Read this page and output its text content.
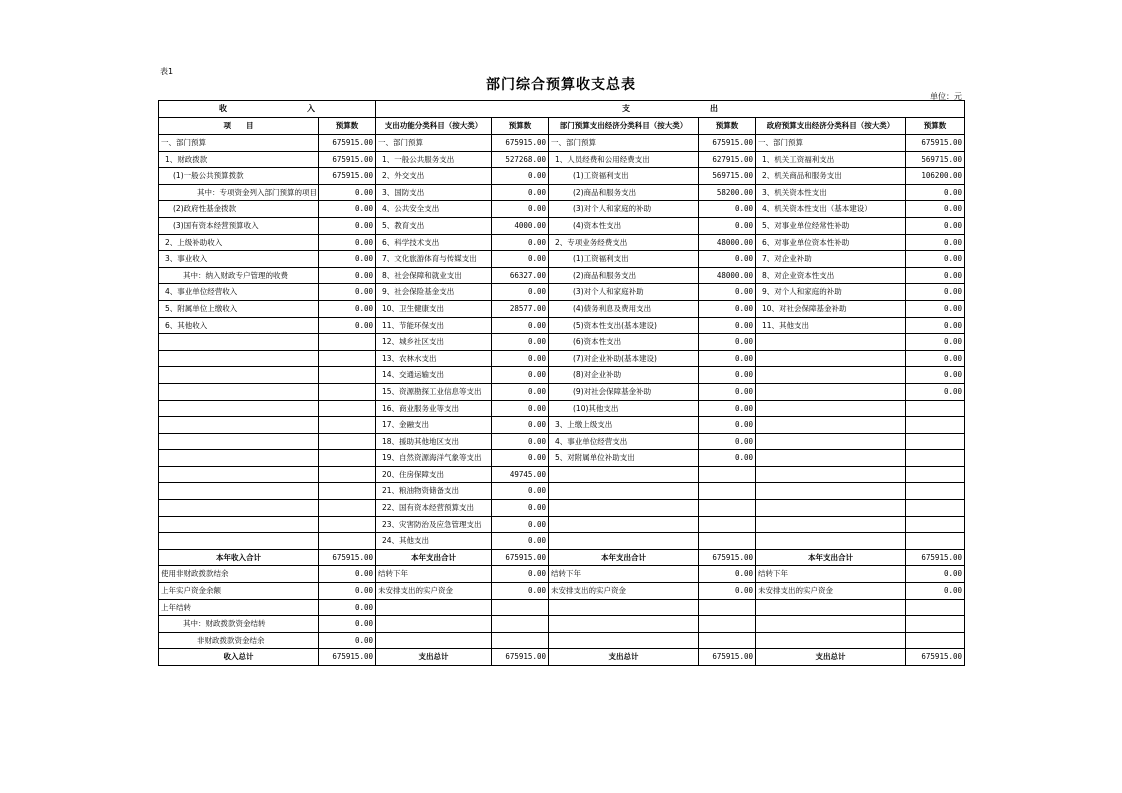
表1
部门综合预算收支总表
单位：元
收 入		支 出					
项　　目	预算数	支出功能分类科目（按大类）	预算数	部门预算支出经济分类科目（按大类）	预算数	政府预算支出经济分类科目（按大类）	预算数
一、部门预算	675915.00	一、部门预算	675915.00	一、部门预算	675915.00	一、部门预算	675915.00
1、财政拨款	675915.00	1、一般公共服务支出	527268.00	1、人员经费和公用经费支出	627915.00	1、机关工资福利支出	569715.00
(1)一般公共预算拨款	675915.00	2、外交支出	0.00	(1)工资福利支出	569715.00	2、机关商品和服务支出	106200.00
其中：专项资金列入部门预算的项目	0.00	3、国防支出	0.00	(2)商品和服务支出	58200.00	3、机关资本性支出	0.00
(2)政府性基金拨款	0.00	4、公共安全支出	0.00	(3)对个人和家庭的补助	0.00	4、机关资本性支出（基本建设）	0.00
(3)国有资本经营预算收入	0.00	5、教育支出	4000.00	(4)资本性支出	0.00	5、对事业单位经常性补助	0.00
2、上级补助收入	0.00	6、科学技术支出	0.00	2、专项业务经费支出	48000.00	6、对事业单位资本性补助	0.00
3、事业收入	0.00	7、文化旅游体育与传媒支出	0.00	(1)工资福利支出	0.00	7、对企业补助	0.00
其中：纳入财政专户管理的收费	0.00	8、社会保障和就业支出	66327.00	(2)商品和服务支出	48000.00	8、对企业资本性支出	0.00
4、事业单位经营收入	0.00	9、社会保险基金支出	0.00	(3)对个人和家庭补助	0.00	9、对个人和家庭的补助	0.00
5、附属单位上缴收入	0.00	10、卫生健康支出	28577.00	(4)债务利息及费用支出	0.00	10、对社会保障基金补助	0.00
6、其他收入	0.00	11、节能环保支出	0.00	(5)资本性支出(基本建设)	0.00	11、其他支出	0.00
		12、城乡社区支出	0.00	(6)资本性支出	0.00		0.00
		13、农林水支出	0.00	(7)对企业补助(基本建设)	0.00		0.00
		14、交通运输支出	0.00	(8)对企业补助	0.00		0.00
		15、资源勘探工业信息等支出	0.00	(9)对社会保障基金补助	0.00		0.00
		16、商业服务业等支出	0.00	(10)其他支出	0.00		
		17、金融支出	0.00	3、上缴上级支出	0.00		
		18、援助其他地区支出	0.00	4、事业单位经营支出	0.00		
		19、自然资源海洋气象等支出	0.00	5、对附属单位补助支出	0.00		
		20、住房保障支出	49745.00				
		21、粮油物资储备支出	0.00				
		22、国有资本经营预算支出	0.00				
		23、灾害防治及应急管理支出	0.00				
		24、其他支出	0.00				
本年收入合计	675915.00	本年支出合计	675915.00	本年支出合计	675915.00	本年支出合计	675915.00
使用非财政拨款结余	0.00	结转下年	0.00	结转下年	0.00	结转下年	0.00
上年实户资金余额	0.00	未安排支出的实户资金	0.00	未安排支出的实户资金	0.00	未安排支出的实户资金	0.00
上年结转	0.00						
其中：财政拨款资金结转	0.00						
非财政拨款资金结余	0.00						
收入总计	675915.00	支出总计	675915.00	支出总计	675915.00	支出总计	675915.00
